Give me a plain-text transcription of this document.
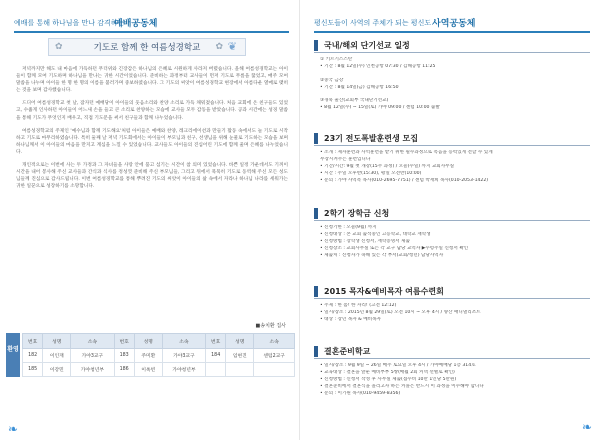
예배를 통해 하나님을 만나 감격하는
예배공동체
✿	기도로 함께 한 여름성경학교	✿ ❦

저녁까지만 해도 내 마음에 가득하던 무더위와 긴장감은 하나님의 은혜로 시원하게 사라져 버렸습니다. 올해 여름성경학교는 아이들이 함께 모여 기도하며 하나님을 만나는 귀한 시간이었습니다. 준비하는 과정부터 교사들이 먼저 기도로 무릎을 꿇었고, 매주 모여 말씀을 나누며 아이들 한 명 한 명의 이름을 불러가며 중보하였습니다. 그 기도의 씨앗이 여름성경학교 현장에서 아름다운 열매로 맺히는 것을 보며 감사했습니다.

드디어 여름성경학교 첫 날, 잠자던 예배당이 아이들의 웃음소리와 찬양 소리로 가득 채워졌습니다. 처음 교회에 온 친구들도 있었고, 수줍게 인사하던 아이들이 어느새 손을 들고 큰 소리로 찬양하는 모습에 교사들 모두 감동을 받았습니다. 공과 시간에는 성경 말씀을 통해 기도가 무엇인지 배우고, 직접 기도문을 써서 친구들과 함께 나누었습니다.

여름성경학교의 주제인 '예수님과 함께 기도해요'처럼 아이들은 예배와 찬양, 레크리에이션과 만들기 활동 속에서도 늘 기도로 시작하고 기도로 마무리하였습니다. 특히 둘째 날 저녁 기도회에서는 아이들이 부모님과 친구, 선생님을 위해 눈물로 기도하는 모습을 보며 하나님께서 이 아이들의 마음을 만지고 계심을 느낄 수 있었습니다. 교사들도 아이들의 진심어린 기도에 함께 울며 은혜를 나누었습니다.

개인적으로는 이번에 사는 두 가정과 그 자녀들을 사랑 안에 품고 섬기는 시간이 참 의미 있었습니다. 바쁜 일정 가운데서도 기꺼이 시간을 내어 봉사해 주신 교사들과 간식과 식사를 정성껏 준비해 주신 부모님들, 그리고 뒤에서 묵묵히 기도로 동역해 주신 모든 성도님들께 진심으로 감사드립니다. 이번 여름성경학교를 통해 뿌려진 기도의 씨앗이 아이들의 삶 속에서 자라나 하나님 나라를 세워가는 귀한 일꾼으로 성장하기를 소망합니다.

■송치환 집사
환영
번호	성명	소속	번호	성명	소속	번호	성명	소속
182	이인재	가야3교구	183	주미환	가야3교구	184	임현진	센텀2교구
185	이강민	가야청년부	186	이옥빈	가야청년부			
❧
평신도들이 사역의 주체가 되는 평신도 사역공동체
국내/해외 단기선교 일정
① 키르기스스탄
• 기간 : 8월 12일(수) 인천공항 07:30 / 김해공항 11:25

②중국 금강
• 기간 : 8월 14일(금) 김해공항 16:50

③경북 울산(교회부 국내단기선교)
• 8월 12일(수) ~ 15일(토) 가야 09:00 / 센텀 10:00 출발
23기 전도폭발훈련생 모집
• 소개 : 제자훈련과 사역훈련을 받기 위한 필수과정으로 복음을 능력있게 전할 수 있게
무장시켜주는 훈련입니다
• 기간/시간: 9월 첫 개강(15주 과정) / 오늘(수일) 까지 교회사무실
• 시간 : 주일 오후반(15:30), 평일 오전반(10:00)
• 문의 : 가야 사역폭 목사(010-2695-7751) / 센텀 박재희 목사(010-2053-1422)
2학기 장학금 신청
• 신청기한 : 오늘(9월) 까지
• 신청대상 : 본 교회 출석중인 고등학교, 대학교 재학생
• 신청방법 : 장학생 신청서, 재학증명서 제출
• 신청장소 : 교회사무실 또는 각 교구 담당 교역자 ▶수령주일 신청서 확인
• 제출처 : 신청자가 속해 있는 각 부서(교회/청년) 담당사역자
2015 목자&예비목자 여름수련회
• 주제 : 한 몸! 한 자리! (고전 12:12)
• 일시/장소 : 2015년 8월 29일(토) 오전 10시 ~ 오후 4시 / 양산 애니멀리조트
• 대상 : 장년 목자 & 예비목자
결혼준비학교
• 일시/장소 : 9월 9일 ~ 26일 매주 토요일 오후 4시 / 가야예배당 1층 314호
• 교육대상 : 결혼을 앞둔 예비부부 5쌍(매월 2회 커넥 선별로 확인)
• 신청방법 : 신청서 작성 후 사무실 제출(접수비 10만 1인당 5만원)
• 결혼준비에서 결혼식을 올리고자 하는 커플은 반드시 이 과정을 이수해야 합니다
• 문의 : 이기원 목사(010-9459-8356)
❧
